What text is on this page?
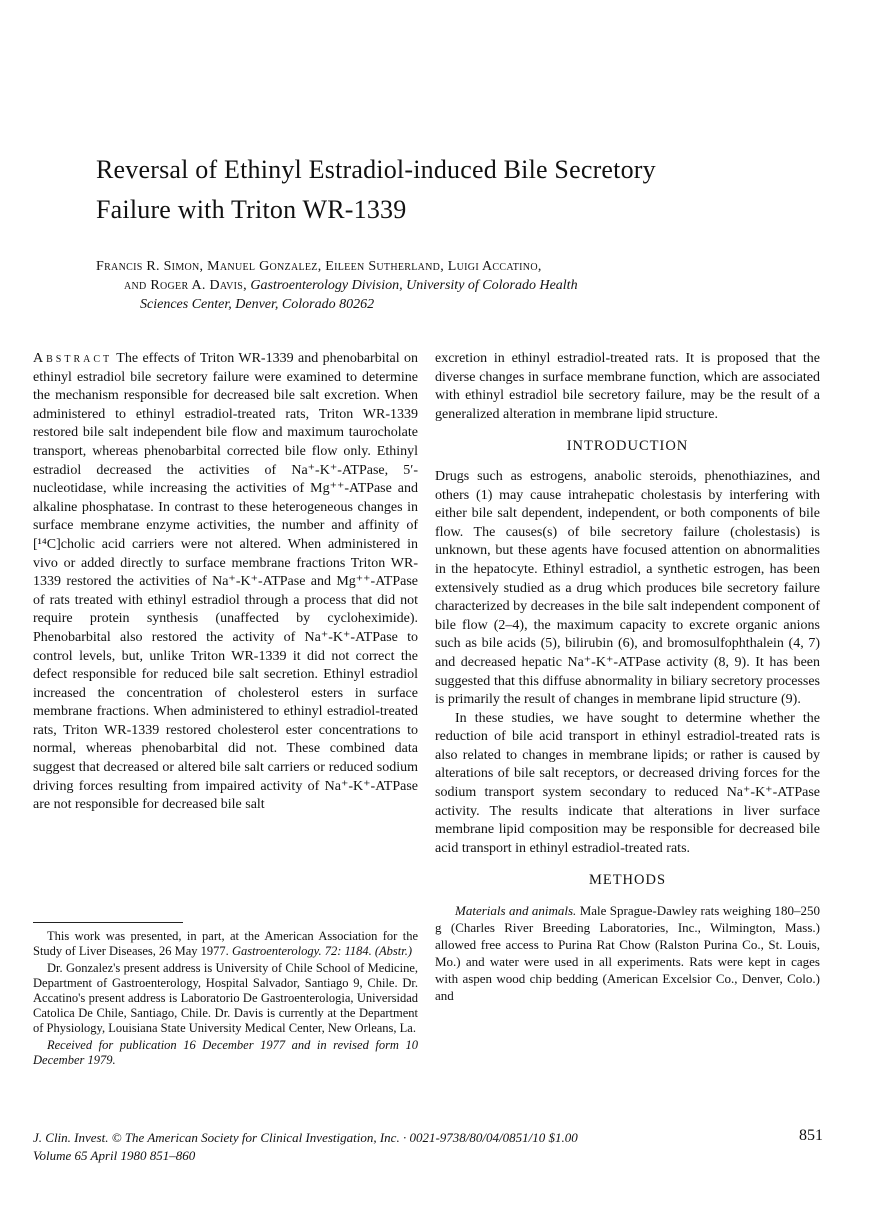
Reversal of Ethinyl Estradiol-induced Bile Secretory
Failure with Triton WR-1339
Francis R. Simon, Manuel Gonzalez, Eileen Sutherland, Luigi Accatino,
and Roger A. Davis, Gastroenterology Division, University of Colorado Health
Sciences Center, Denver, Colorado 80262

Abstract The effects of Triton WR-1339 and phenobarbital on ethinyl estradiol bile secretory failure were examined to determine the mechanism responsible for decreased bile salt excretion. When administered to ethinyl estradiol-treated rats, Triton WR-1339 restored bile salt independent bile flow and maximum taurocholate transport, whereas phenobarbital corrected bile flow only. Ethinyl estradiol decreased the activities of Na⁺-K⁺-ATPase, 5′-nucleotidase, while increasing the activities of Mg⁺⁺-ATPase and alkaline phosphatase. In contrast to these heterogeneous changes in surface membrane enzyme activities, the number and affinity of [¹⁴C]cholic acid carriers were not altered. When administered in vivo or added directly to surface membrane fractions Triton WR-1339 restored the activities of Na⁺-K⁺-ATPase and Mg⁺⁺-ATPase of rats treated with ethinyl estradiol through a process that did not require protein synthesis (unaffected by cycloheximide). Phenobarbital also restored the activity of Na⁺-K⁺-ATPase to control levels, but, unlike Triton WR-1339 it did not correct the defect responsible for reduced bile salt secretion. Ethinyl estradiol increased the concentration of cholesterol esters in surface membrane fractions. When administered to ethinyl estradiol-treated rats, Triton WR-1339 restored cholesterol ester concentrations to normal, whereas phenobarbital did not. These combined data suggest that decreased or altered bile salt carriers or reduced sodium driving forces resulting from impaired activity of Na⁺-K⁺-ATPase are not responsible for decreased bile salt

This work was presented, in part, at the American Association for the Study of Liver Diseases, 26 May 1977. Gastroenterology. 72: 1184. (Abstr.)

Dr. Gonzalez's present address is University of Chile School of Medicine, Department of Gastroenterology, Hospital Salvador, Santiago 9, Chile. Dr. Accatino's present address is Laboratorio De Gastroenterologia, Universidad Catolica De Chile, Santiago, Chile. Dr. Davis is currently at the Department of Physiology, Louisiana State University Medical Center, New Orleans, La.

Received for publication 16 December 1977 and in revised form 10 December 1979.

excretion in ethinyl estradiol-treated rats. It is proposed that the diverse changes in surface membrane function, which are associated with ethinyl estradiol bile secretory failure, may be the result of a generalized alteration in membrane lipid structure.

INTRODUCTION

Drugs such as estrogens, anabolic steroids, phenothiazines, and others (1) may cause intrahepatic cholestasis by interfering with either bile salt dependent, independent, or both components of bile flow. The causes(s) of bile secretory failure (cholestasis) is unknown, but these agents have focused attention on abnormalities in the hepatocyte. Ethinyl estradiol, a synthetic estrogen, has been extensively studied as a drug which produces bile secretory failure characterized by decreases in the bile salt independent component of bile flow (2–4), the maximum capacity to excrete organic anions such as bile acids (5), bilirubin (6), and bromosulfophthalein (4, 7) and decreased hepatic Na⁺-K⁺-ATPase activity (8, 9). It has been suggested that this diffuse abnormality in biliary secretory processes is primarily the result of changes in membrane lipid structure (9).

In these studies, we have sought to determine whether the reduction of bile acid transport in ethinyl estradiol-treated rats is also related to changes in membrane lipids; or rather is caused by alterations of bile salt receptors, or decreased driving forces for the sodium transport system secondary to reduced Na⁺-K⁺-ATPase activity. The results indicate that alterations in liver surface membrane lipid composition may be responsible for decreased bile acid transport in ethinyl estradiol-treated rats.

METHODS

Materials and animals. Male Sprague-Dawley rats weighing 180–250 g (Charles River Breeding Laboratories, Inc., Wilmington, Mass.) allowed free access to Purina Rat Chow (Ralston Purina Co., St. Louis, Mo.) and water were used in all experiments. Rats were kept in cages with aspen wood chip bedding (American Excelsior Co., Denver, Colo.) and

J. Clin. Invest. © The American Society for Clinical Investigation, Inc. · 0021-9738/80/04/0851/10 $1.00
Volume 65 April 1980 851–860
851
